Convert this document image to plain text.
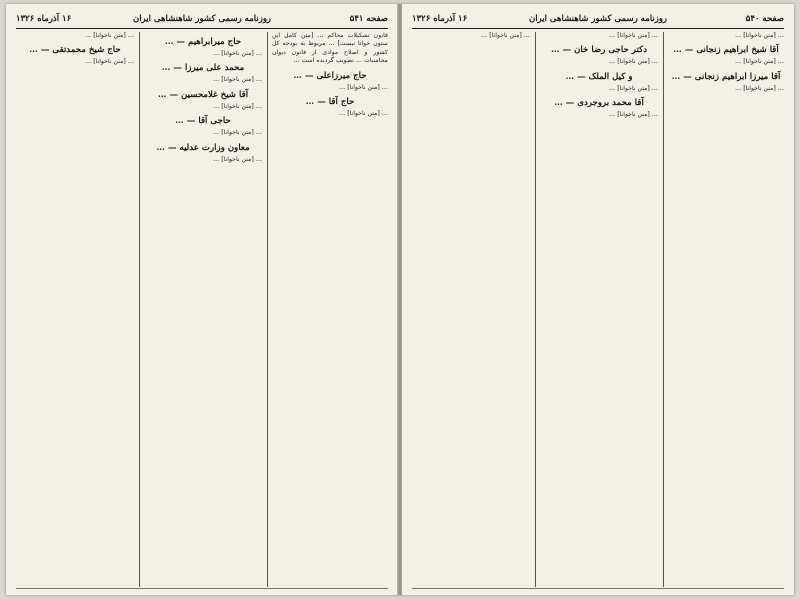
صفحه ۵۴۱
روزنامه رسمی کشور شاهنشاهی ایران
۱۶ آذرماه ۱۳۲۶

… [متن ناخوانا] …

حاج شیخ محمدتقی — …

… [متن ناخوانا] …

حاج میرابراهیم — …

… [متن ناخوانا] …

محمد علی میرزا — …

… [متن ناخوانا] …

آقا شیخ غلامحسین — …

… [متن ناخوانا] …

حاجی آقا — …

… [متن ناخوانا] …

معاون وزارت عدلیه — …

… [متن ناخوانا] …

قانون تشکیلات محاکم … [متن کامل این ستون خوانا نیست] … مربوط به بودجه کل کشور و اصلاح موادی از قانون دیوان محاسبات … تصویب گردیده است …

حاج میرزاعلی — …

… [متن ناخوانا] …

حاج آقا — …

… [متن ناخوانا] …

صفحه ۵۴۰
روزنامه رسمی کشور شاهنشاهی ایران
۱۶ آذرماه ۱۳۲۶

… [متن ناخوانا] …	… [متن ناخوانا] …

دکتر حاجی رضا خان — …

… [متن ناخوانا] …

و کیل الملک — …

… [متن ناخوانا] …

آقا محمد بروجردی — …

… [متن ناخوانا] …

… [متن ناخوانا] …

آقا شیخ ابراهیم زنجانی — …

… [متن ناخوانا] …

آقا میرزا ابراهیم زنجانی — …

… [متن ناخوانا] …
